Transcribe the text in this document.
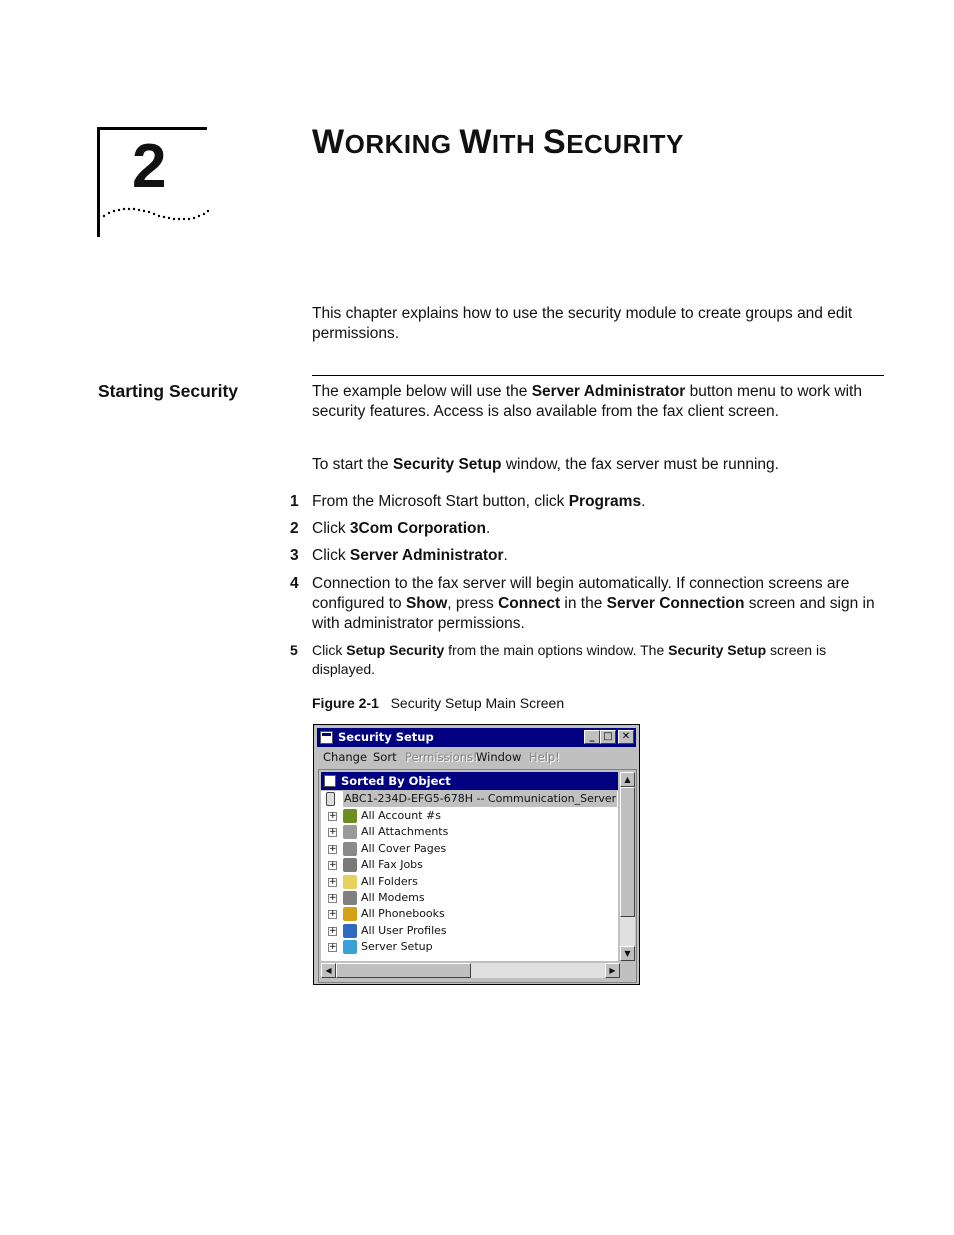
2	WORKING WITH SECURITY
This chapter explains how to use the security module to create groups and edit permissions.
Starting Security	The example below will use the Server Administrator button menu to work with security features. Access is also available from the fax client screen.
To start the Security Setup window, the fax server must be running.
1 From the Microsoft Start button, click Programs.
2 Click 3Com Corporation.
3 Click Server Administrator.
4 Connection to the fax server will begin automatically. If connection screens are configured to Show, press Connect in the Server Connection screen and sign in with administrator permissions.
5 Click Setup Security from the main options window. The Security Setup screen is displayed.
Figure 2-1 Security Setup Main Screen
Security Setup	_ □ ✕
Change Sort Permissions!
Window Help!
Sorted By Object
ABC1-234D-EFG5-678H -- Communication_Server
+ All Account #s
+ All Attachments
+ All Cover Pages
+ All Fax Jobs
+ All Folders
+ All Modems
+ All Phonebooks
+ All User Profiles
+ Server Setup
▲
▼
◀	▶
